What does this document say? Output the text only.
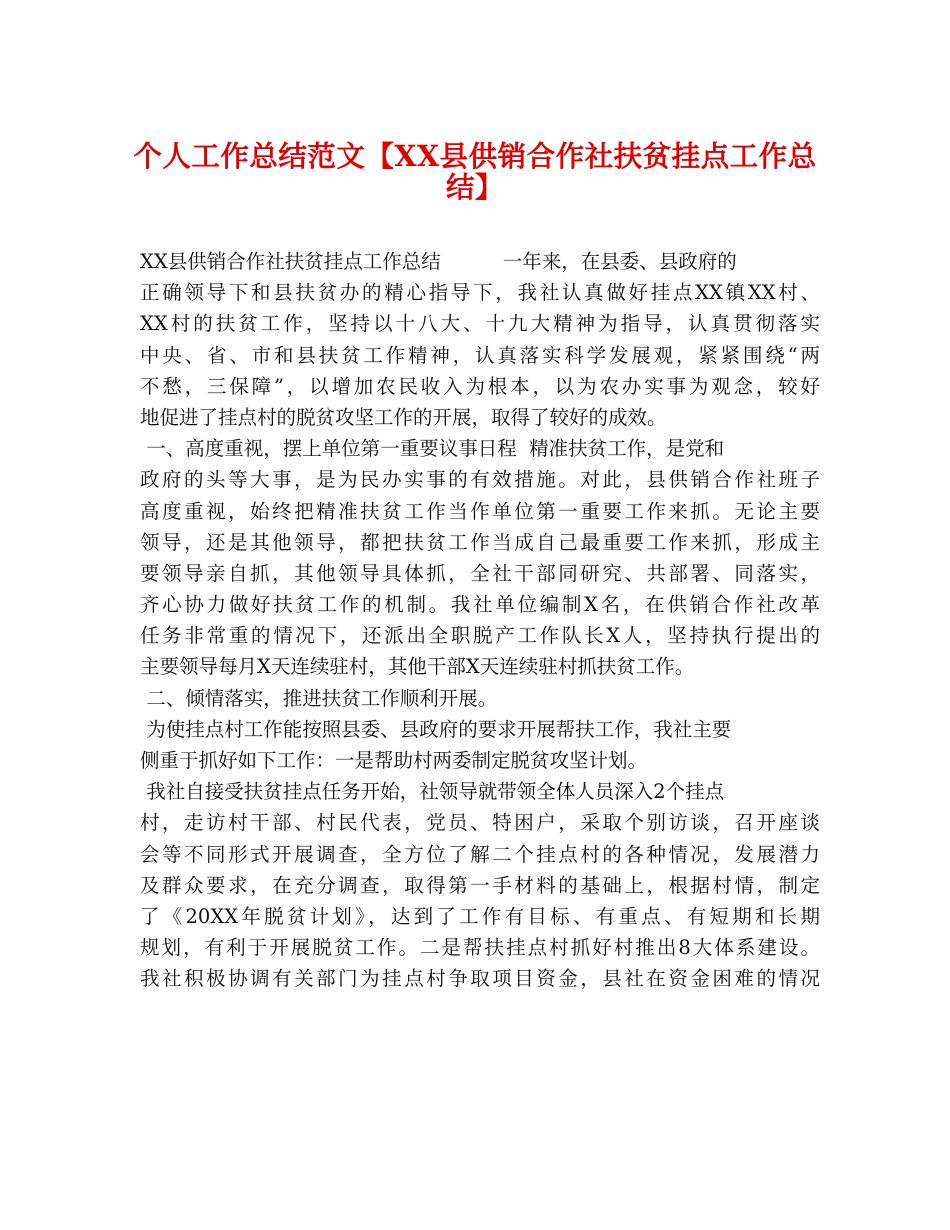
个人工作总结范文【XX县供销合作社扶贫挂点工作总
结】
XX县供销合作社扶贫挂点工作总结          一年来，在县委、县政府的
正确领导下和县扶贫办的精心指导下，我社认真做好挂点XX镇XX村、
XX村的扶贫工作，坚持以十八大、十九大精神为指导，认真贯彻落实
中央、省、市和县扶贫工作精神，认真落实科学发展观，紧紧围绕“两
不愁，三保障”，以增加农民收入为根本，以为农办实事为观念，较好
地促进了挂点村的脱贫攻坚工作的开展，取得了较好的成效。
一、高度重视，摆上单位第一重要议事日程  精准扶贫工作，是党和
政府的头等大事，是为民办实事的有效措施。对此，县供销合作社班子
高度重视，始终把精准扶贫工作当作单位第一重要工作来抓。无论主要
领导，还是其他领导，都把扶贫工作当成自己最重要工作来抓，形成主
要领导亲自抓，其他领导具体抓，全社干部同研究、共部署、同落实，
齐心协力做好扶贫工作的机制。我社单位编制X名，在供销合作社改革
任务非常重的情况下，还派出全职脱产工作队长X人，坚持执行提出的
主要领导每月X天连续驻村，其他干部X天连续驻村抓扶贫工作。
二、倾情落实，推进扶贫工作顺利开展。
为使挂点村工作能按照县委、县政府的要求开展帮扶工作，我社主要
侧重于抓好如下工作：一是帮助村两委制定脱贫攻坚计划。
我社自接受扶贫挂点任务开始，社领导就带领全体人员深入2个挂点
村，走访村干部、村民代表，党员、特困户，采取个别访谈，召开座谈
会等不同形式开展调查，全方位了解二个挂点村的各种情况，发展潜力
及群众要求，在充分调查，取得第一手材料的基础上，根据村情，制定
了《20XX年脱贫计划》，达到了工作有目标、有重点、有短期和长期
规划，有利于开展脱贫工作。二是帮扶挂点村抓好村推出8大体系建设。
我社积极协调有关部门为挂点村争取项目资金，县社在资金困难的情况
